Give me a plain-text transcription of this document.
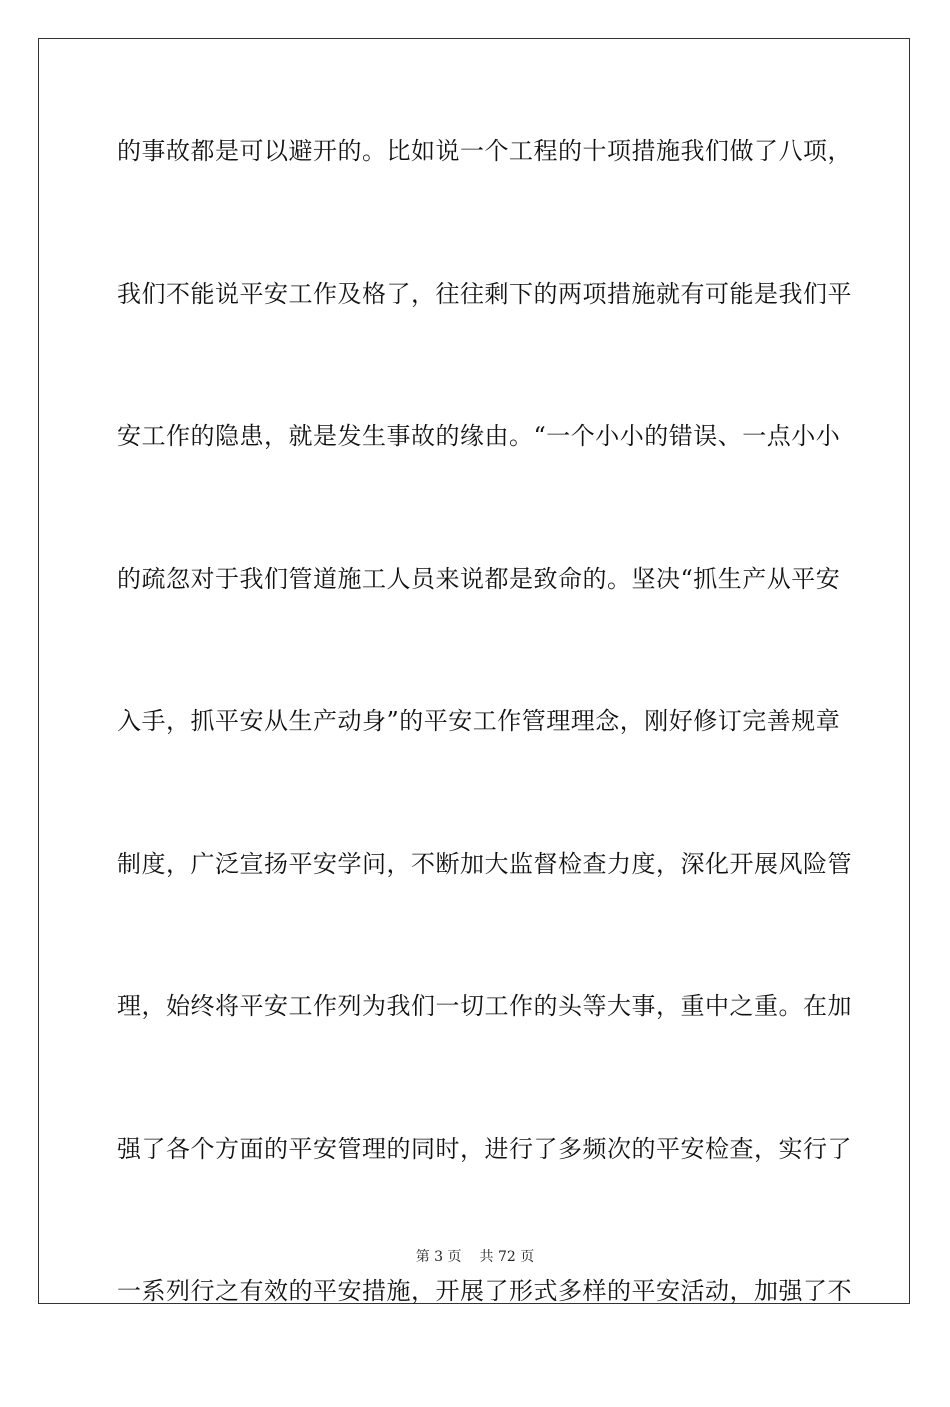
的事故都是可以避开的。比如说一个工程的十项措施我们做了八项，
我们不能说平安工作及格了，往往剩下的两项措施就有可能是我们平
安工作的隐患，就是发生事故的缘由。“一个小小的错误、一点小小
的疏忽对于我们管道施工人员来说都是致命的。坚决“抓生产从平安
入手，抓平安从生产动身”的平安工作管理理念，刚好修订完善规章
制度，广泛宣扬平安学问，不断加大监督检查力度，深化开展风险管
理，始终将平安工作列为我们一切工作的头等大事，重中之重。在加
强了各个方面的平安管理的同时，进行了多频次的平安检查，实行了
一系列行之有效的平安措施，开展了形式多样的平安活动，加强了不
第 3 页 共 72 页
